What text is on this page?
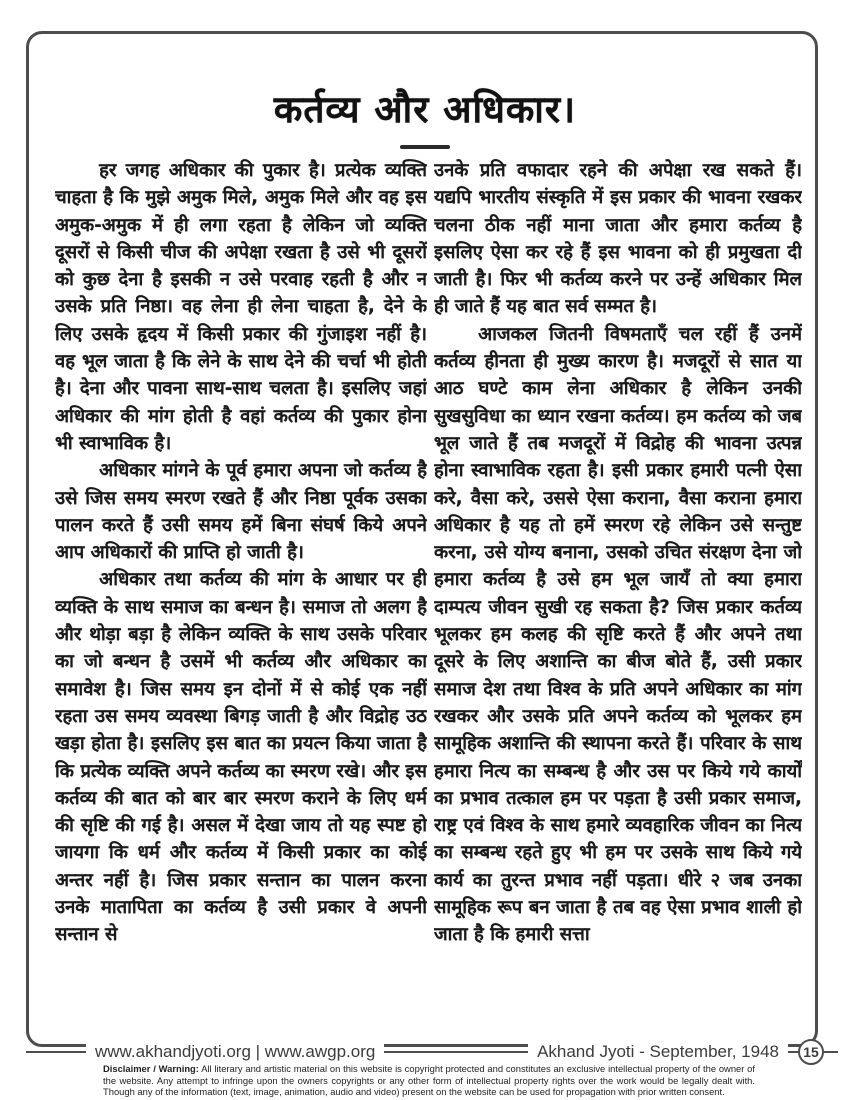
कर्तव्य और अधिकार।

हर जगह अधिकार की पुकार है। प्रत्येक व्यक्ति चाहता है कि मुझे अमुक मिले, अमुक मिले और वह इस अमुक-अमुक में ही लगा रहता है लेकिन जो व्यक्ति दूसरों से किसी चीज की अपेक्षा रखता है उसे भी दूसरों को कुछ देना है इसकी न उसे परवाह रहती है और न उसके प्रति निष्ठा। वह लेना ही लेना चाहता है, देने के लिए उसके हृदय में किसी प्रकार की गुंजाइश नहीं है। वह भूल जाता है कि लेने के साथ देने की चर्चा भी होती है। देना और पावना साथ-साथ चलता है। इसलिए जहां अधिकार की मांग होती है वहां कर्तव्य की पुकार होना भी स्वाभाविक है।

अधिकार मांगने के पूर्व हमारा अपना जो कर्तव्य है उसे जिस समय स्मरण रखते हैं और निष्ठा पूर्वक उसका पालन करते हैं उसी समय हमें बिना संघर्ष किये अपने आप अधिकारों की प्राप्ति हो जाती है।

अधिकार तथा कर्तव्य की मांग के आधार पर ही व्यक्ति के साथ समाज का बन्धन है। समाज तो अलग है और थोड़ा बड़ा है लेकिन व्यक्ति के साथ उसके परिवार का जो बन्धन है उसमें भी कर्तव्य और अधिकार का समावेश है। जिस समय इन दोनों में से कोई एक नहीं रहता उस समय व्यवस्था बिगड़ जाती है और विद्रोह उठ खड़ा होता है। इसलिए इस बात का प्रयत्न किया जाता है कि प्रत्येक व्यक्ति अपने कर्तव्य का स्मरण रखे। और इस कर्तव्य की बात को बार बार स्मरण कराने के लिए धर्म की सृष्टि की गई है। असल में देखा जाय तो यह स्पष्ट हो जायगा कि धर्म और कर्तव्य में किसी प्रकार का कोई अन्तर नहीं है। जिस प्रकार सन्तान का पालन करना उनके मातापिता का कर्तव्य है उसी प्रकार वे अपनी सन्तान से

उनके प्रति वफादार रहने की अपेक्षा रख सकते हैं। यद्यपि भारतीय संस्कृति में इस प्रकार की भावना रखकर चलना ठीक नहीं माना जाता और हमारा कर्तव्य है इसलिए ऐसा कर रहे हैं इस भावना को ही प्रमुखता दी जाती है। फिर भी कर्तव्य करने पर उन्हें अधिकार मिल ही जाते हैं यह बात सर्व सम्मत है।

आजकल जितनी विषमताएँ चल रहीं हैं उनमें कर्तव्य हीनता ही मुख्य कारण है। मजदूरों से सात या आठ घण्टे काम लेना अधिकार है लेकिन उनकी सुखसुविधा का ध्यान रखना कर्तव्य। हम कर्तव्य को जब भूल जाते हैं तब मजदूरों में विद्रोह की भावना उत्पन्न होना स्वाभाविक रहता है। इसी प्रकार हमारी पत्नी ऐसा करे, वैसा करे, उससे ऐसा कराना, वैसा कराना हमारा अधिकार है यह तो हमें स्मरण रहे लेकिन उसे सन्तुष्ट करना, उसे योग्य बनाना, उसको उचित संरक्षण देना जो हमारा कर्तव्य है उसे हम भूल जायँ तो क्या हमारा दाम्पत्य जीवन सुखी रह सकता है? जिस प्रकार कर्तव्य भूलकर हम कलह की सृष्टि करते हैं और अपने तथा दूसरे के लिए अशान्ति का बीज बोते हैं, उसी प्रकार समाज देश तथा विश्व के प्रति अपने अधिकार का मांग रखकर और उसके प्रति अपने कर्तव्य को भूलकर हम सामूहिक अशान्ति की स्थापना करते हैं। परिवार के साथ हमारा नित्य का सम्बन्ध है और उस पर किये गये कार्यों का प्रभाव तत्काल हम पर पड़ता है उसी प्रकार समाज, राष्ट्र एवं विश्व के साथ हमारे व्यवहारिक जीवन का नित्य का सम्बन्ध रहते हुए भी हम पर उसके साथ किये गये कार्य का तुरन्त प्रभाव नहीं पड़ता। धीरे २ जब उनका सामूहिक रूप बन जाता है तब वह ऐसा प्रभाव शाली हो जाता है कि हमारी सत्ता

www.akhandjyoti.org | www.awgp.org	Akhand Jyoti - September, 1948	15
Disclaimer / Warning: All literary and artistic material on this website is copyright protected and constitutes an exclusive intellectual property of the owner of the website. Any attempt to infringe upon the owners copyrights or any other form of intellectual property rights over the work would be legally dealt with. Though any of the information (text, image, animation, audio and video) present on the website can be used for propagation with prior written consent.
